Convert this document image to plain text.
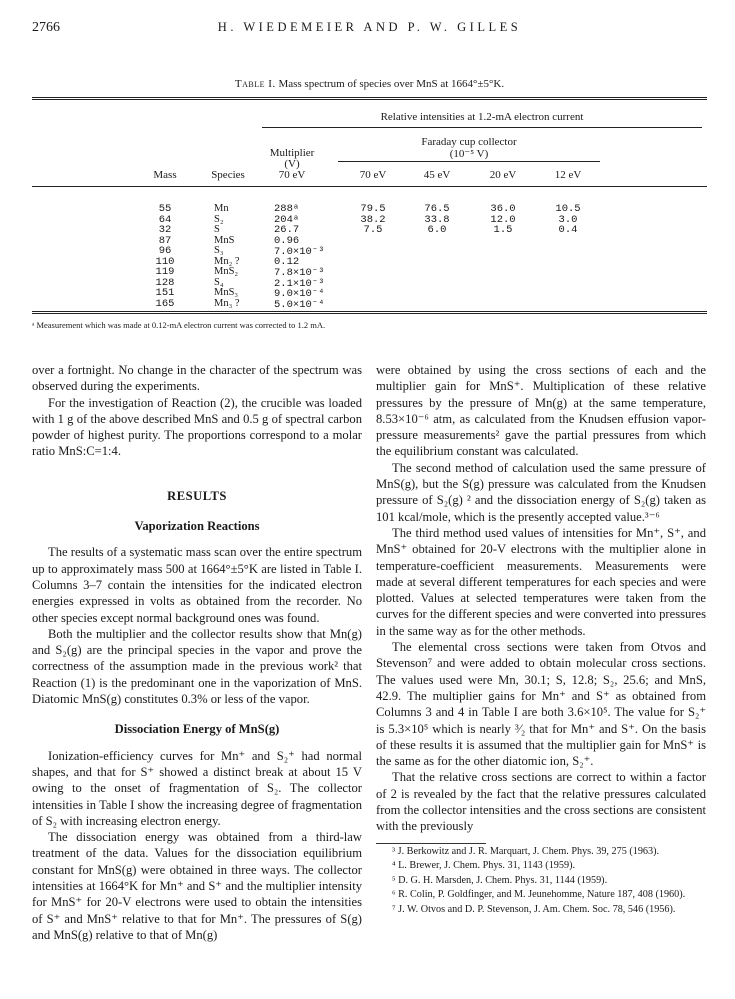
2766	H. WIEDEMEIER AND P. W. GILLES
Table I. Mass spectrum of species over MnS at 1664°±5°K.
Relative intensities at 1.2-mA electron current
Faraday cup collector
(10⁻⁵ V)
Multiplier
(V)
Mass	Species	70 eV	70 eV	45 eV	20 eV	12 eV
55	Mn	288ᵃ	79.5	76.5	36.0	10.5
64	S₂	204ᵃ	38.2	33.8	12.0	3.0
32	S	26.7	7.5	6.0	1.5	0.4
87	MnS	0.96
96	S₃	7.0×10⁻³
110	Mn₂ ?	0.12
119	MnS₂	7.8×10⁻³
128	S₄	2.1×10⁻³
151	MnS₃	9.0×10⁻⁴
165	Mn₃ ?	5.0×10⁻⁴
ᵃ Measurement which was made at 0.12-mA electron current was corrected to 1.2 mA.

over a fortnight. No change in the character of the spectrum was observed during the experiments.

For the investigation of Reaction (2), the crucible was loaded with 1 g of the above described MnS and 0.5 g of spectral carbon powder of highest purity. The proportions correspond to a molar ratio MnS:C=1:4.

RESULTS
Vaporization Reactions

The results of a systematic mass scan over the entire spectrum up to approximately mass 500 at 1664°±5°K are listed in Table I. Columns 3–7 contain the intensities for the indicated electron energies expressed in volts as obtained from the recorder. No other species except normal background ones was found.

Both the multiplier and the collector results show that Mn(g) and S₂(g) are the principal species in the vapor and prove the correctness of the assumption made in the previous work² that Reaction (1) is the predominant one in the vaporization of MnS. Diatomic MnS(g) constitutes 0.3% or less of the vapor.

Dissociation Energy of MnS(g)

Ionization-efficiency curves for Mn⁺ and S₂⁺ had normal shapes, and that for S⁺ showed a distinct break at about 15 V owing to the onset of fragmentation of S₂. The collector intensities in Table I show the increasing degree of fragmentation of S₂ with increasing electron energy.

The dissociation energy was obtained from a third-law treatment of the data. Values for the dissociation equilibrium constant for MnS(g) were obtained in three ways. The collector intensities at 1664°K for Mn⁺ and S⁺ and the multiplier intensity for MnS⁺ for 20-V electrons were used to obtain the intensities of S⁺ and MnS⁺ relative to that for Mn⁺. The pressures of S(g) and MnS(g) relative to that of Mn(g)

were obtained by using the cross sections of each and the multiplier gain for MnS⁺. Multiplication of these relative pressures by the pressure of Mn(g) at the same temperature, 8.53×10⁻⁶ atm, as calculated from the Knudsen effusion vapor-pressure measurements² gave the partial pressures from which the equilibrium constant was calculated.

The second method of calculation used the same pressure of MnS(g), but the S(g) pressure was calculated from the Knudsen pressure of S₂(g) ² and the dissociation energy of S₂(g) taken as 101 kcal/mole, which is the presently accepted value.³⁻⁶

The third method used values of intensities for Mn⁺, S⁺, and MnS⁺ obtained for 20-V electrons with the multiplier alone in temperature-coefficient measurements. Measurements were made at several different temperatures for each species and were plotted. Values at selected temperatures were taken from the curves for the different species and were converted into pressures in the same way as for the other methods.

The elemental cross sections were taken from Otvos and Stevenson⁷ and were added to obtain molecular cross sections. The values used were Mn, 30.1; S, 12.8; S₂, 25.6; and MnS, 42.9. The multiplier gains for Mn⁺ and S⁺ as obtained from Columns 3 and 4 in Table I are both 3.6×10⁵. The value for S₂⁺ is 5.3×10⁵ which is nearly ³⁄₂ that for Mn⁺ and S⁺. On the basis of these results it is assumed that the multiplier gain for MnS⁺ is the same as for the other diatomic ion, S₂⁺.

That the relative cross sections are correct to within a factor of 2 is revealed by the fact that the relative pressures calculated from the collector intensities and the cross sections are consistent with the previously

³ J. Berkowitz and J. R. Marquart, J. Chem. Phys. 39, 275 (1963).
⁴ L. Brewer, J. Chem. Phys. 31, 1143 (1959).
⁵ D. G. H. Marsden, J. Chem. Phys. 31, 1144 (1959).
⁶ R. Colin, P. Goldfinger, and M. Jeunehomme, Nature 187, 408 (1960).
⁷ J. W. Otvos and D. P. Stevenson, J. Am. Chem. Soc. 78, 546 (1956).
